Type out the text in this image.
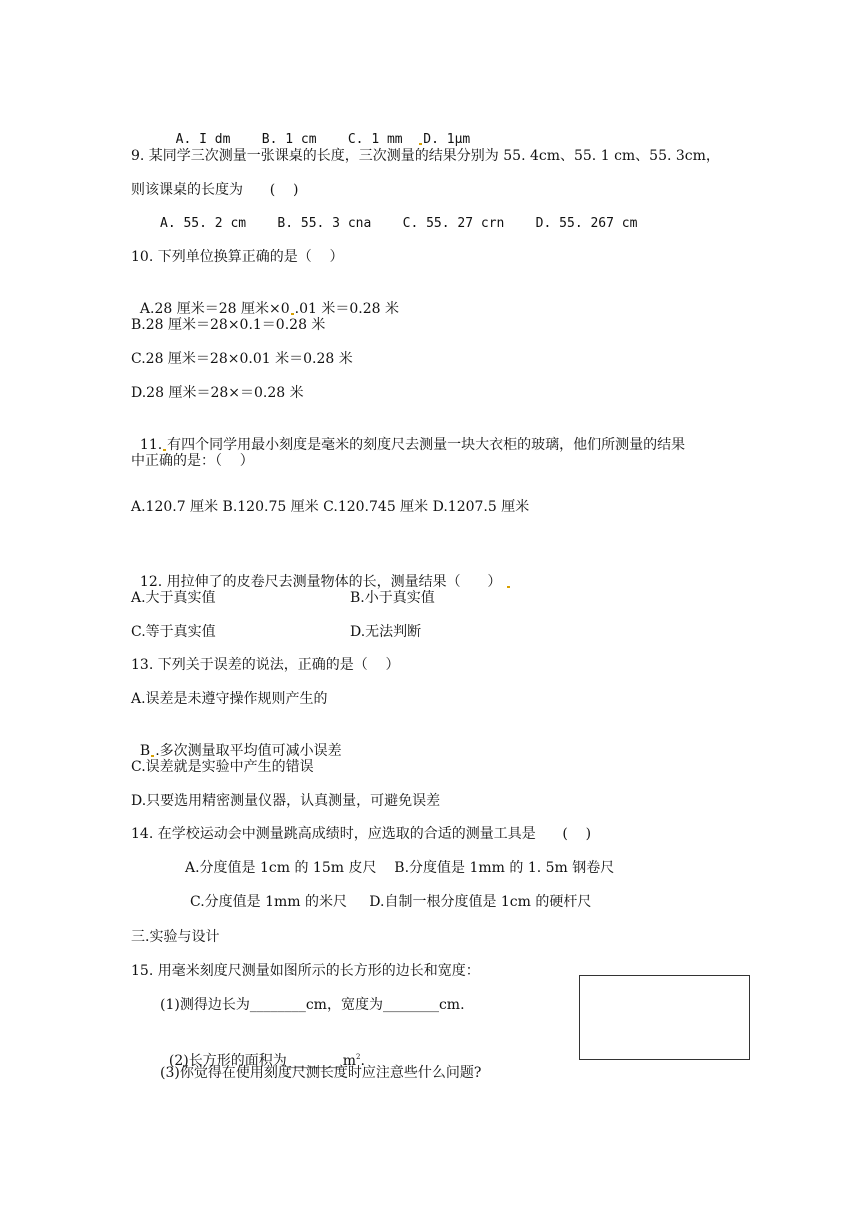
A. I dm    B. 1 cm    C. 1 mm  D. 1μm

9. 某同学三次测量一张课桌的长度，三次测量的结果分别为 55. 4cm、55. 1 cm、55. 3cm，
则该课桌的长度为      (    )
A. 55. 2 cm    B. 55. 3 cna    C. 55. 27 crn    D. 55. 267 cm
10. 下列单位换算正确的是（    ）

A.28 厘米＝28 厘米×0 .01 米＝0.28 米

B.28 厘米＝28×0.1＝0.28 米
C.28 厘米＝28×0.01 米＝0.28 米
D.28 厘米＝28×＝0.28 米

11. 有四个同学用最小刻度是毫米的刻度尺去测量一块大衣柜的玻璃，他们所测量的结果

中正确的是：（    ）
A.120.7 厘米 B.120.75 厘米 C.120.745 厘米 D.1207.5 厘米

12. 用拉伸了的皮卷尺去测量物体的长，测量结果（      ）

A.大于真实值	B.小于真实值
C.等于真实值	D.无法判断
13. 下列关于误差的说法，正确的是（    ）
A.误差是未遵守操作规则产生的

B .多次测量取平均值可减小误差

C.误差就是实验中产生的错误
D.只要选用精密测量仪器，认真测量，可避免误差
14. 在学校运动会中测量跳高成绩时，应选取的合适的测量工具是      (    )
A.分度值是 1cm 的 15m 皮尺    B.分度值是 1mm 的 1. 5m 钢卷尺
C.分度值是 1mm 的米尺     D.自制一根分度值是 1cm 的硬杆尺
三.实验与设计
15. 用毫米刻度尺测量如图所示的长方形的边长和宽度：
(1)测得边长为________cm，宽度为________cm.

(2)长方形的面积为$\_\_\_\_\_\_\_\_m^2$.

(3)你觉得在使用刻度尺测长度时应注意些什么问题?
